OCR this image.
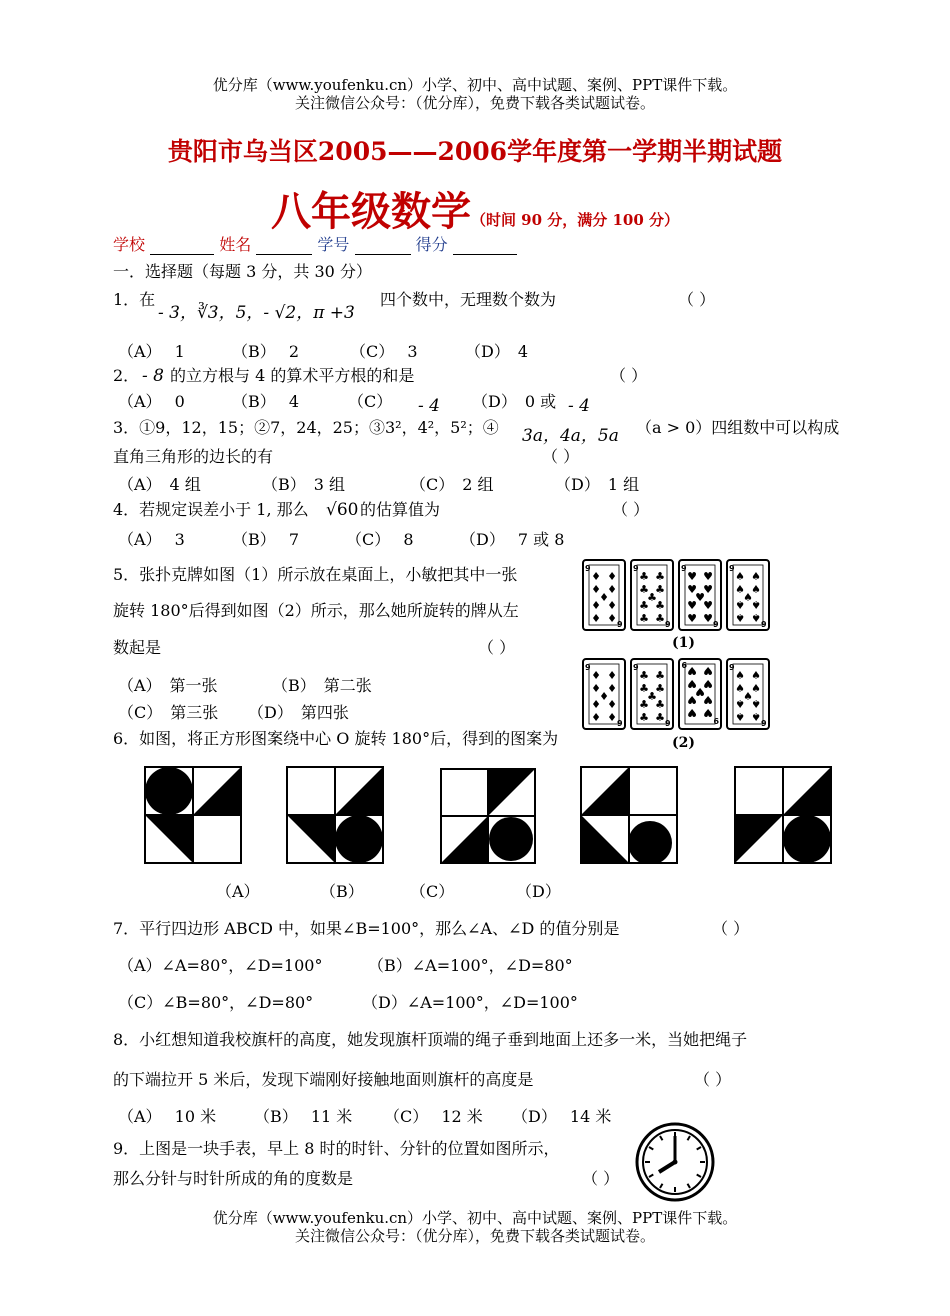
优分库（www.youfenku.cn）小学、初中、高中试题、案例、PPT课件下载。
关注微信公众号：（优分库），免费下载各类试题试卷。
贵阳市乌当区2005——2006学年度第一学期半期试题
八年级数学（时间 90 分，满分 100 分）
学校	姓名	学号	得分
一．选择题（每题 3 分，共 30 分）
1．在
- 3，∛3，5，- √2，π +3
四个数中，无理数个数为	（ ）
（A）　 1	（B）　 2	（C）　 3	（D）　4
2． - 8 的立方根与 4 的算术平方根的和是	（ ）
（A）　 0	（B）　 4	（C） - 4 （D）　0 或 - 4
3．①9，12，15；②7，24，25；③3²，4²，5²；④ 3a，4a，5a （a > 0）四组数中可以构成
直角三角形的边长的有	（ ）
（A）　4 组	（B）　3 组	（C）　2 组	（D）　1 组
4．若规定误差小于 1, 那么 √60 的估算值为	（ ）
（A）　 3	（B）　 7	（C）　 8	（D）　 7 或 8
5．张扑克牌如图（1）所示放在桌面上，小敏把其中一张
旋转 180°后得到如图（2）所示，那么她所旋转的牌从左
数起是	（ ）
（A）　第一张	（B）　第二张
（C）　第三张 （D）　第四张
9
9
♦ ♦
♦ ♦
♦
♦ ♦
♦ ♦
9
9
♣ ♣
♣ ♣
♣
♣ ♣
♣ ♣
9
9
♥ ♥
♥ ♥
♥
♥ ♥
♥ ♥
9
9
♠ ♠
♠ ♠
♠
♠ ♠
♠ ♠
(1)
9
9
♦ ♦
♦ ♦
♦
♦ ♦
♦ ♦
9
9
♣ ♣
♣ ♣
♣
♣ ♣
♣ ♣	9
9
♥
♥
♥
♥
♥
♥
♥
♥
♥	9
9
♠ ♠
♠ ♠
♠
♠ ♠
♠ ♠
(2)
6．如图，将正方形图案绕中心 O 旋转 180°后，得到的图案为
（A）	（B）	（C）	（D）
7．平行四边形 ABCD 中，如果∠B=100°，那么∠A、∠D 的值分别是	（ ）
（A）∠A=80°，∠D=100°	（B）∠A=100°，∠D=80°
（C）∠B=80°，∠D=80°	（D）∠A=100°，∠D=100°
8．小红想知道我校旗杆的高度，她发现旗杆顶端的绳子垂到地面上还多一米，当她把绳子
的下端拉开 5 米后，发现下端刚好接触地面则旗杆的高度是	（ ）
（A）　 10 米 （B）　 11 米 （C）　 12 米 （D）　 14 米
9．上图是一块手表，早上 8 时的时针、分针的位置如图所示，
那么分针与时针所成的角的度数是	（ ）
优分库（www.youfenku.cn）小学、初中、高中试题、案例、PPT课件下载。
关注微信公众号：（优分库），免费下载各类试题试卷。
